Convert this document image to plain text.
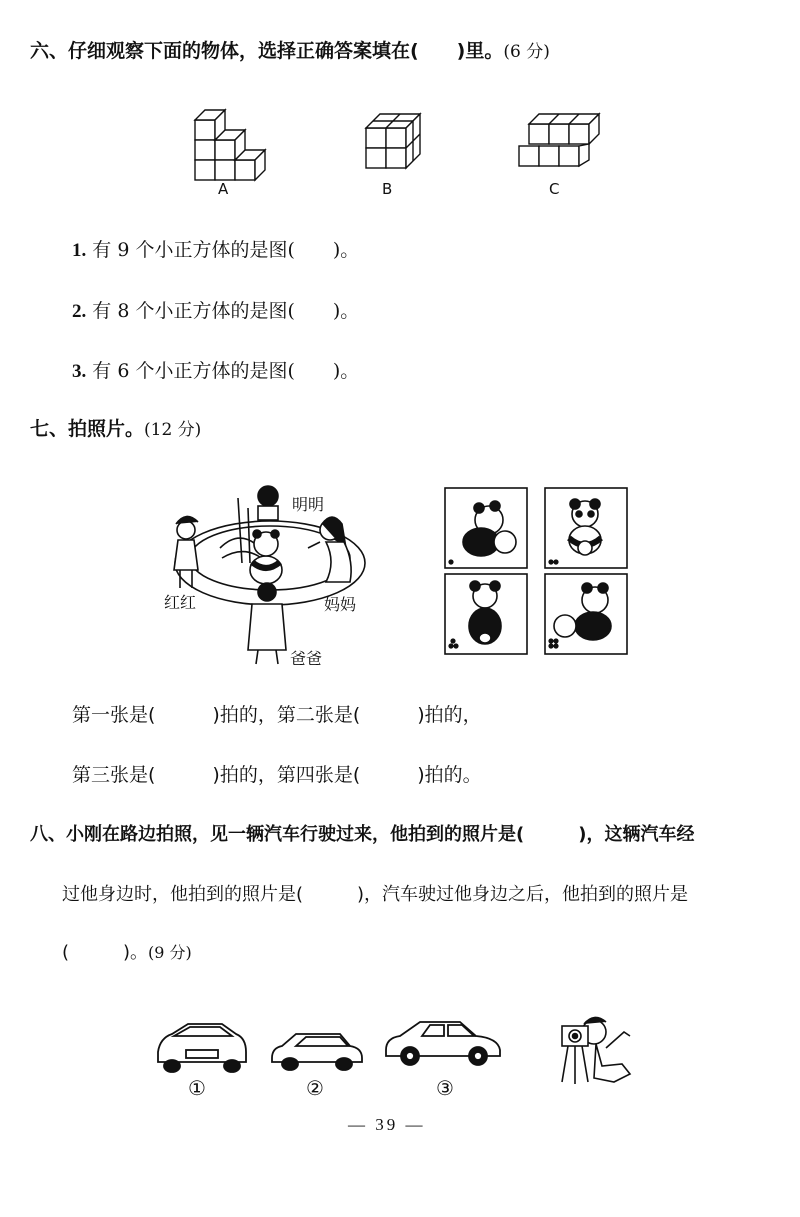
六、仔细观察下面的物体，选择正确答案填在(　　)里。(6 分)
A	B	C
1. 有 9 个小正方体的是图(　　)。
2. 有 8 个小正方体的是图(　　)。
3. 有 6 个小正方体的是图(　　)。
七、拍照片。(12 分)
明明
红红	妈妈
爸爸
第一张是(　　　)拍的，第二张是(　　　)拍的，
第三张是(　　　)拍的，第四张是(　　　)拍的。
八、小刚在路边拍照，见一辆汽车行驶过来，他拍到的照片是(　　　)，这辆汽车经
过他身边时，他拍到的照片是(　　　)，汽车驶过他身边之后，他拍到的照片是
(　　　)。(9 分)
①	②	③
— 39 —
